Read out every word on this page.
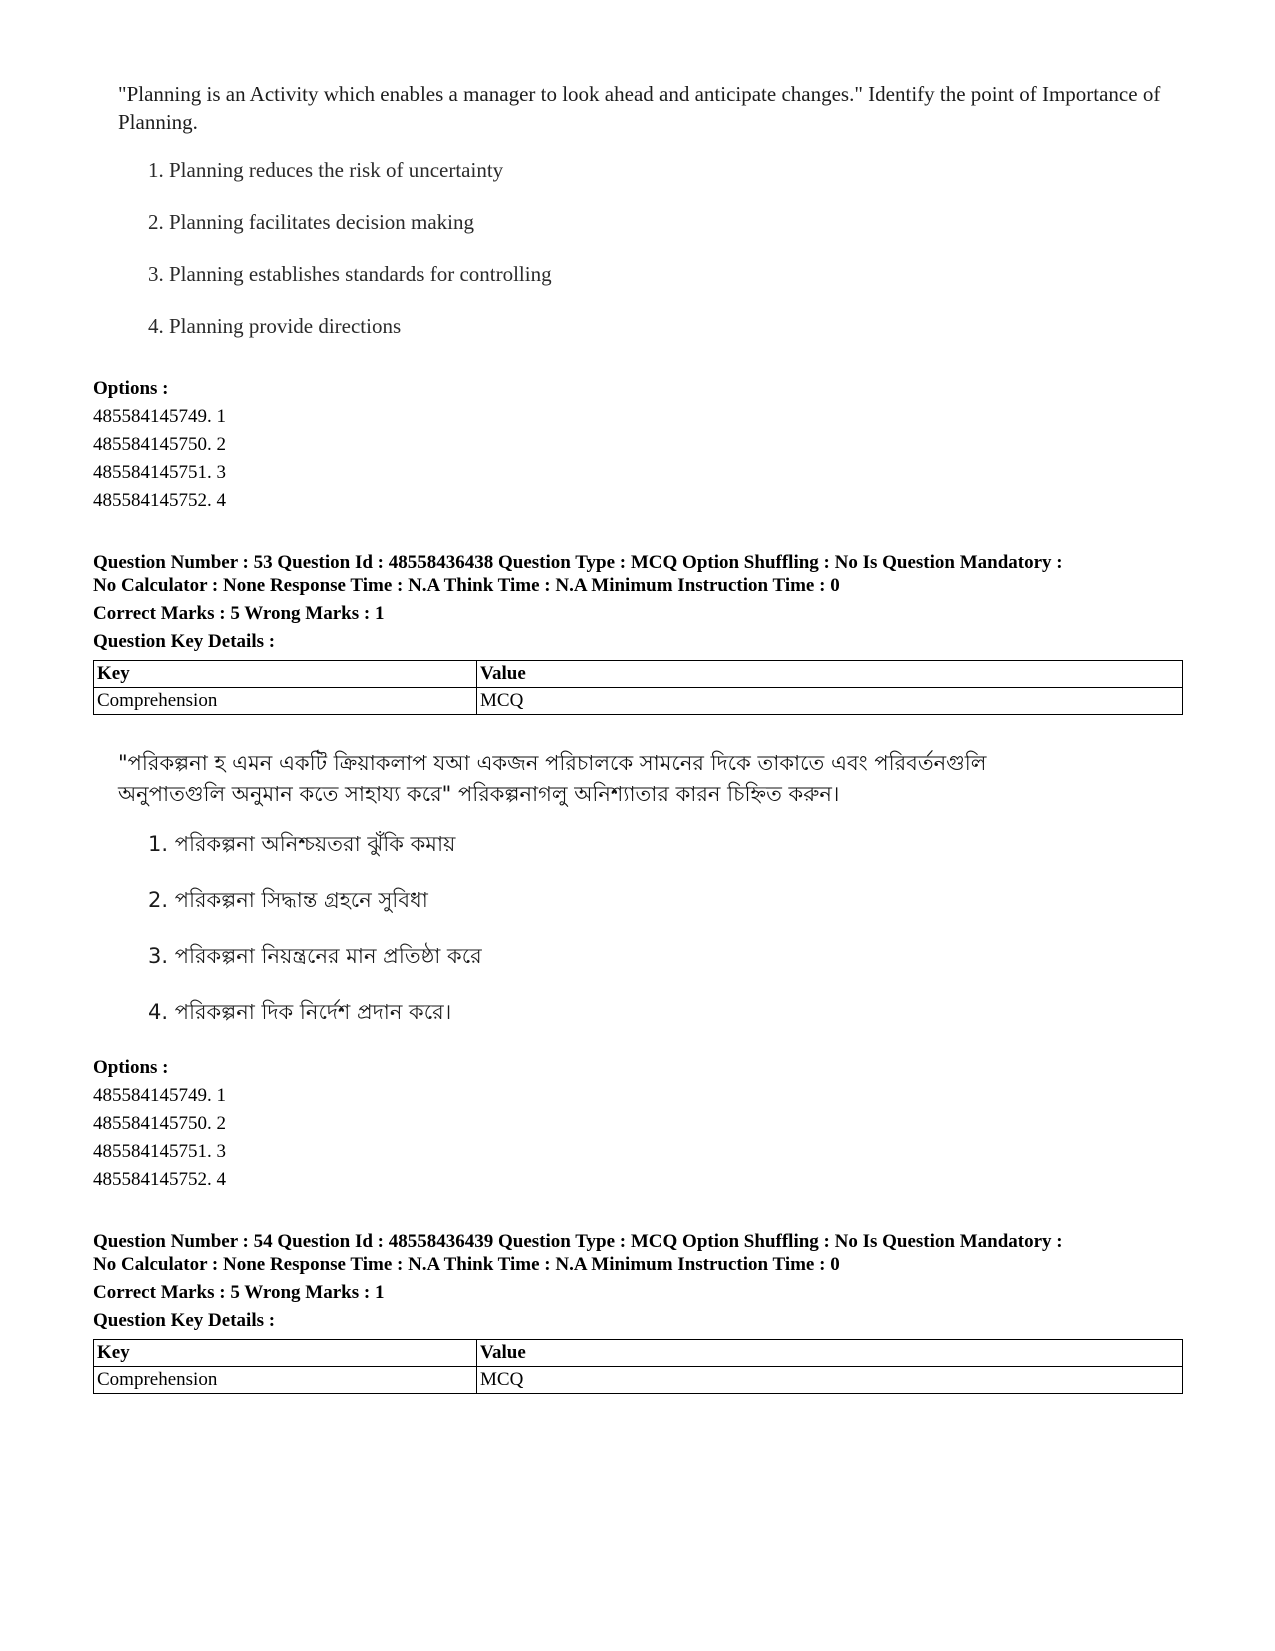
"Planning is an Activity which enables a manager to look ahead and anticipate changes." Identify the point of Importance of Planning.

1. Planning reduces the risk of uncertainty
2. Planning facilitates decision making
3. Planning establishes standards for controlling
4. Planning provide directions
Options :
485584145749. 1
485584145750. 2
485584145751. 3
485584145752. 4
Question Number : 53 Question Id : 48558436438 Question Type : MCQ Option Shuffling : No Is Question Mandatory :
No Calculator : None Response Time : N.A Think Time : N.A Minimum Instruction Time : 0
Correct Marks : 5 Wrong Marks : 1
Question Key Details :
Key	Value
Comprehension	MCQ

"পরিকল্পনা হ এমন একটি ক্রিয়াকলাপ যআ একজন পরিচালকে সামনের দিকে তাকাতে এবং পরিবর্তনগুলি

অনুপাতগুলি অনুমান কতে সাহায্য করে" পরিকল্পনাগলু অনিশ্যাতার কারন চিহ্নিত করুন।

1. পরিকল্পনা অনিশ্চয়তরা ঝুঁকি কমায়
2. পরিকল্পনা সিদ্ধান্ত গ্রহনে সুবিধা
3. পরিকল্পনা নিয়ন্ত্রনের মান প্রতিষ্ঠা করে
4. পরিকল্পনা দিক নির্দেশ প্রদান করে।
Options :
485584145749. 1
485584145750. 2
485584145751. 3
485584145752. 4
Question Number : 54 Question Id : 48558436439 Question Type : MCQ Option Shuffling : No Is Question Mandatory :
No Calculator : None Response Time : N.A Think Time : N.A Minimum Instruction Time : 0
Correct Marks : 5 Wrong Marks : 1
Question Key Details :
Key	Value
Comprehension	MCQ
